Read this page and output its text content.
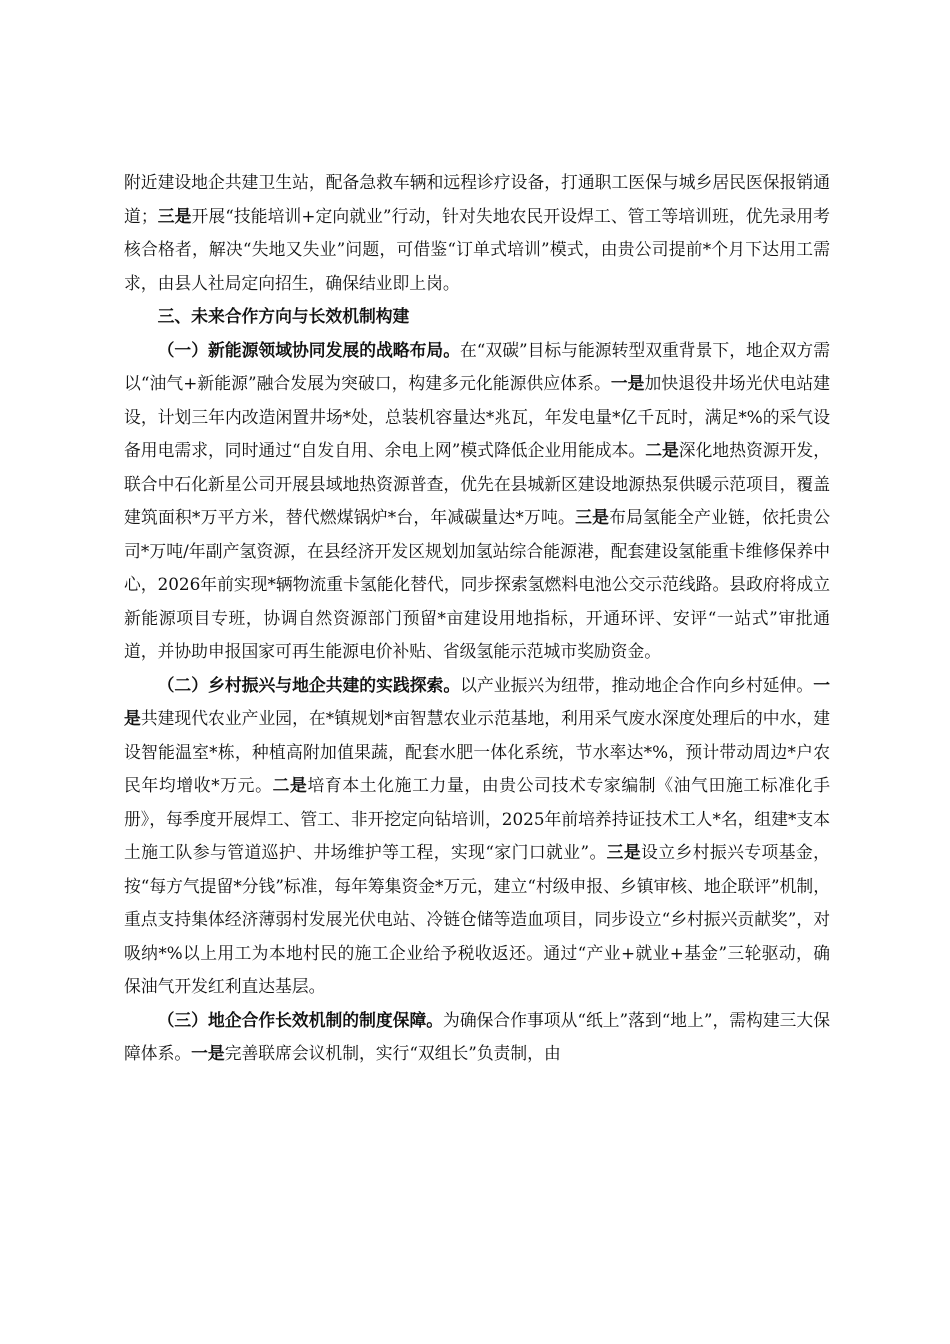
附近建设地企共建卫生站，配备急救车辆和远程诊疗设备，打通职工医保与城乡居民医保报销通道；三是开展“技能培训+定向就业”行动，针对失地农民开设焊工、管工等培训班，优先录用考核合格者，解决“失地又失业”问题，可借鉴“订单式培训”模式，由贵公司提前*个月下达用工需求，由县人社局定向招生，确保结业即上岗。

三、未来合作方向与长效机制构建

（一）新能源领域协同发展的战略布局。在“双碳”目标与能源转型双重背景下，地企双方需以“油气+新能源”融合发展为突破口，构建多元化能源供应体系。一是加快退役井场光伏电站建设，计划三年内改造闲置井场*处，总装机容量达*兆瓦，年发电量*亿千瓦时，满足*%的采气设备用电需求，同时通过“自发自用、余电上网”模式降低企业用能成本。二是深化地热资源开发，联合中石化新星公司开展县域地热资源普查，优先在县城新区建设地源热泵供暖示范项目，覆盖建筑面积*万平方米，替代燃煤锅炉*台，年减碳量达*万吨。三是布局氢能全产业链，依托贵公司*万吨/年副产氢资源，在县经济开发区规划加氢站综合能源港，配套建设氢能重卡维修保养中心，2026年前实现*辆物流重卡氢能化替代，同步探索氢燃料电池公交示范线路。县政府将成立新能源项目专班，协调自然资源部门预留*亩建设用地指标，开通环评、安评“一站式”审批通道，并协助申报国家可再生能源电价补贴、省级氢能示范城市奖励资金。

（二）乡村振兴与地企共建的实践探索。以产业振兴为纽带，推动地企合作向乡村延伸。一是共建现代农业产业园，在*镇规划*亩智慧农业示范基地，利用采气废水深度处理后的中水，建设智能温室*栋，种植高附加值果蔬，配套水肥一体化系统，节水率达*%，预计带动周边*户农民年均增收*万元。二是培育本土化施工力量，由贵公司技术专家编制《油气田施工标准化手册》，每季度开展焊工、管工、非开挖定向钻培训，2025年前培养持证技术工人*名，组建*支本土施工队参与管道巡护、井场维护等工程，实现“家门口就业”。三是设立乡村振兴专项基金，按“每方气提留*分钱”标准，每年筹集资金*万元，建立“村级申报、乡镇审核、地企联评”机制，重点支持集体经济薄弱村发展光伏电站、冷链仓储等造血项目，同步设立“乡村振兴贡献奖”，对吸纳*%以上用工为本地村民的施工企业给予税收返还。通过“产业+就业+基金”三轮驱动，确保油气开发红利直达基层。

（三）地企合作长效机制的制度保障。为确保合作事项从“纸上”落到“地上”，需构建三大保障体系。一是完善联席会议机制，实行“双组长”负责制，由
